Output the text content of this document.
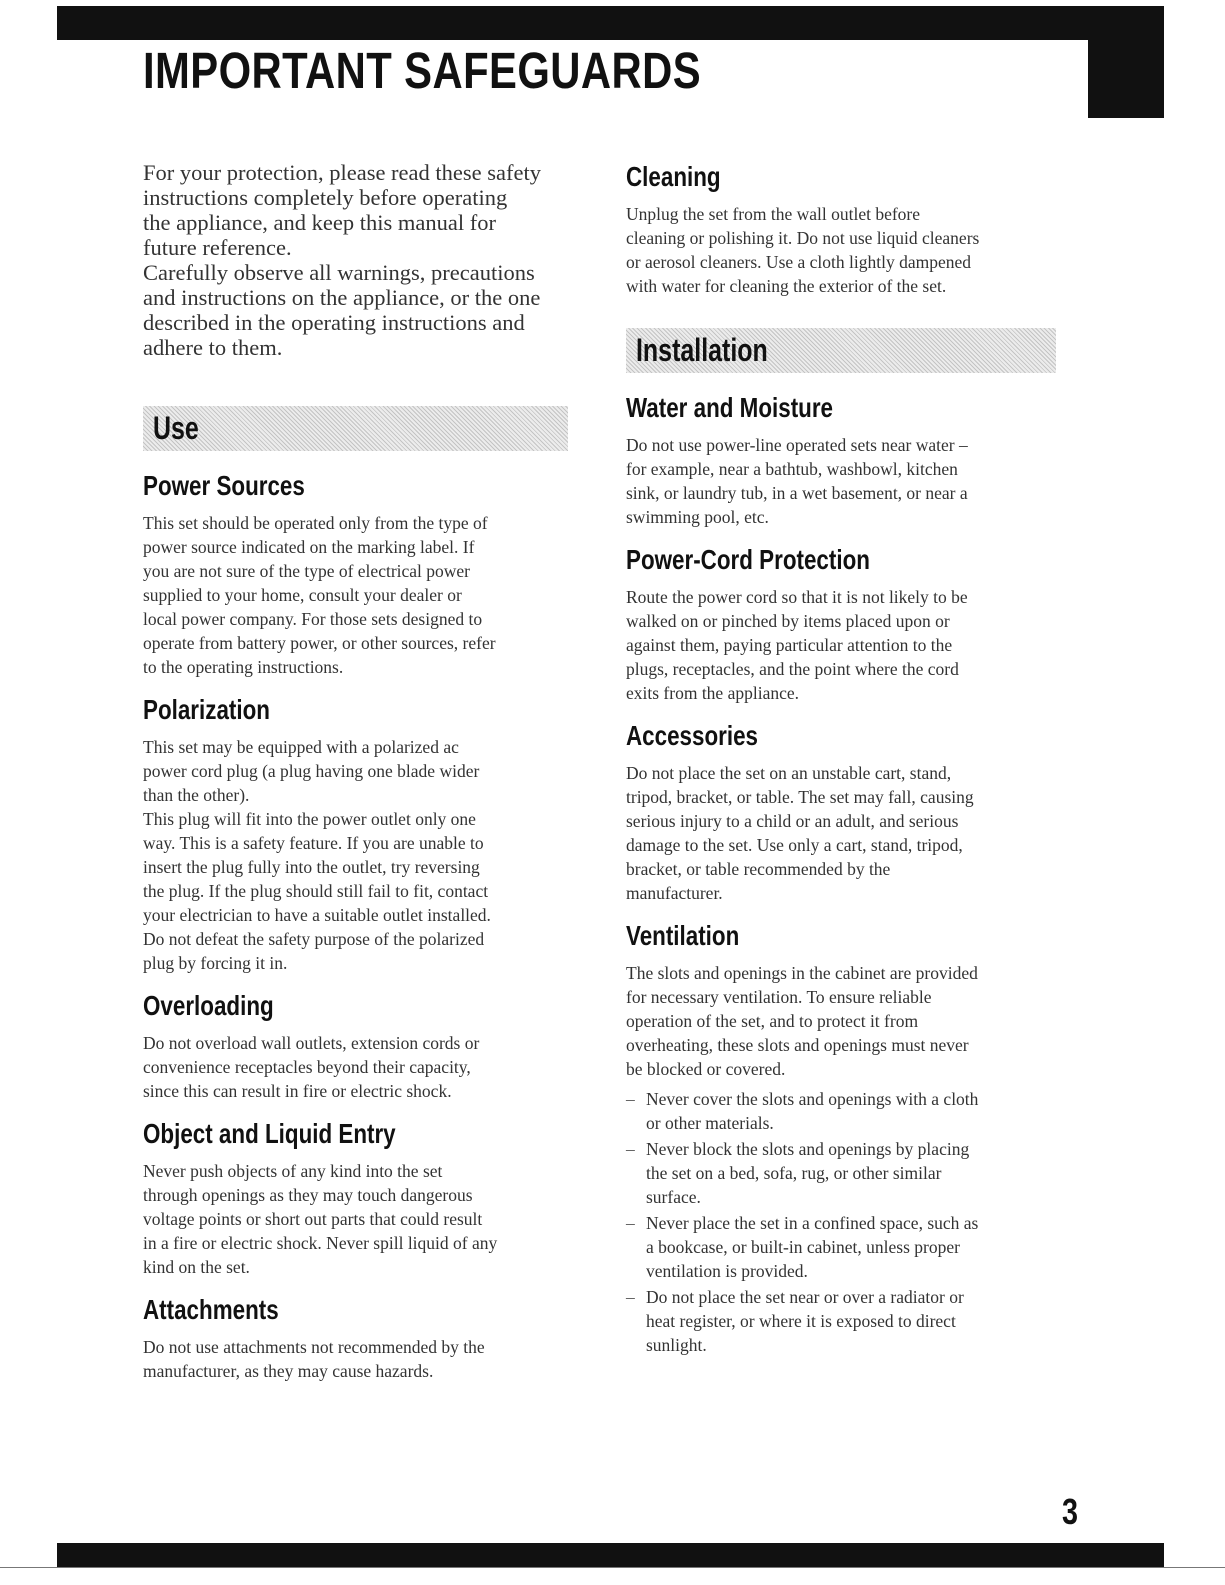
IMPORTANT SAFEGUARDS

For your protection, please read these safety

instructions completely before operating

the appliance, and keep this manual for

future reference.

Carefully observe all warnings, precautions

and instructions on the appliance, or the one

described in the operating instructions and

adhere to them.

Use
Power Sources

This set should be operated only from the type of

power source indicated on the marking label. If

you are not sure of the type of electrical power

supplied to your home, consult your dealer or

local power company. For those sets designed to

operate from battery power, or other sources, refer

to the operating instructions.

Polarization

This set may be equipped with a polarized ac

power cord plug (a plug having one blade wider

than the other).

This plug will fit into the power outlet only one

way. This is a safety feature. If you are unable to

insert the plug fully into the outlet, try reversing

the plug. If the plug should still fail to fit, contact

your electrician to have a suitable outlet installed.

Do not defeat the safety purpose of the polarized

plug by forcing it in.

Overloading

Do not overload wall outlets, extension cords or

convenience receptacles beyond their capacity,

since this can result in fire or electric shock.

Object and Liquid Entry

Never push objects of any kind into the set

through openings as they may touch dangerous

voltage points or short out parts that could result

in a fire or electric shock. Never spill liquid of any

kind on the set.

Attachments

Do not use attachments not recommended by the

manufacturer, as they may cause hazards.

Cleaning

Unplug the set from the wall outlet before

cleaning or polishing it. Do not use liquid cleaners

or aerosol cleaners. Use a cloth lightly dampened

with water for cleaning the exterior of the set.

Installation
Water and Moisture

Do not use power-line operated sets near water –

for example, near a bathtub, washbowl, kitchen

sink, or laundry tub, in a wet basement, or near a

swimming pool, etc.

Power-Cord Protection

Route the power cord so that it is not likely to be

walked on or pinched by items placed upon or

against them, paying particular attention to the

plugs, receptacles, and the point where the cord

exits from the appliance.

Accessories

Do not place the set on an unstable cart, stand,

tripod, bracket, or table. The set may fall, causing

serious injury to a child or an adult, and serious

damage to the set. Use only a cart, stand, tripod,

bracket, or table recommended by the

manufacturer.

Ventilation

The slots and openings in the cabinet are provided

for necessary ventilation. To ensure reliable

operation of the set, and to protect it from

overheating, these slots and openings must never

be blocked or covered.

– Never cover the slots and openings with a cloth
or other materials.
– Never block the slots and openings by placing
the set on a bed, sofa, rug, or other similar
surface.
– Never place the set in a confined space, such as
a bookcase, or built-in cabinet, unless proper
ventilation is provided.
– Do not place the set near or over a radiator or
heat register, or where it is exposed to direct
sunlight.
3
